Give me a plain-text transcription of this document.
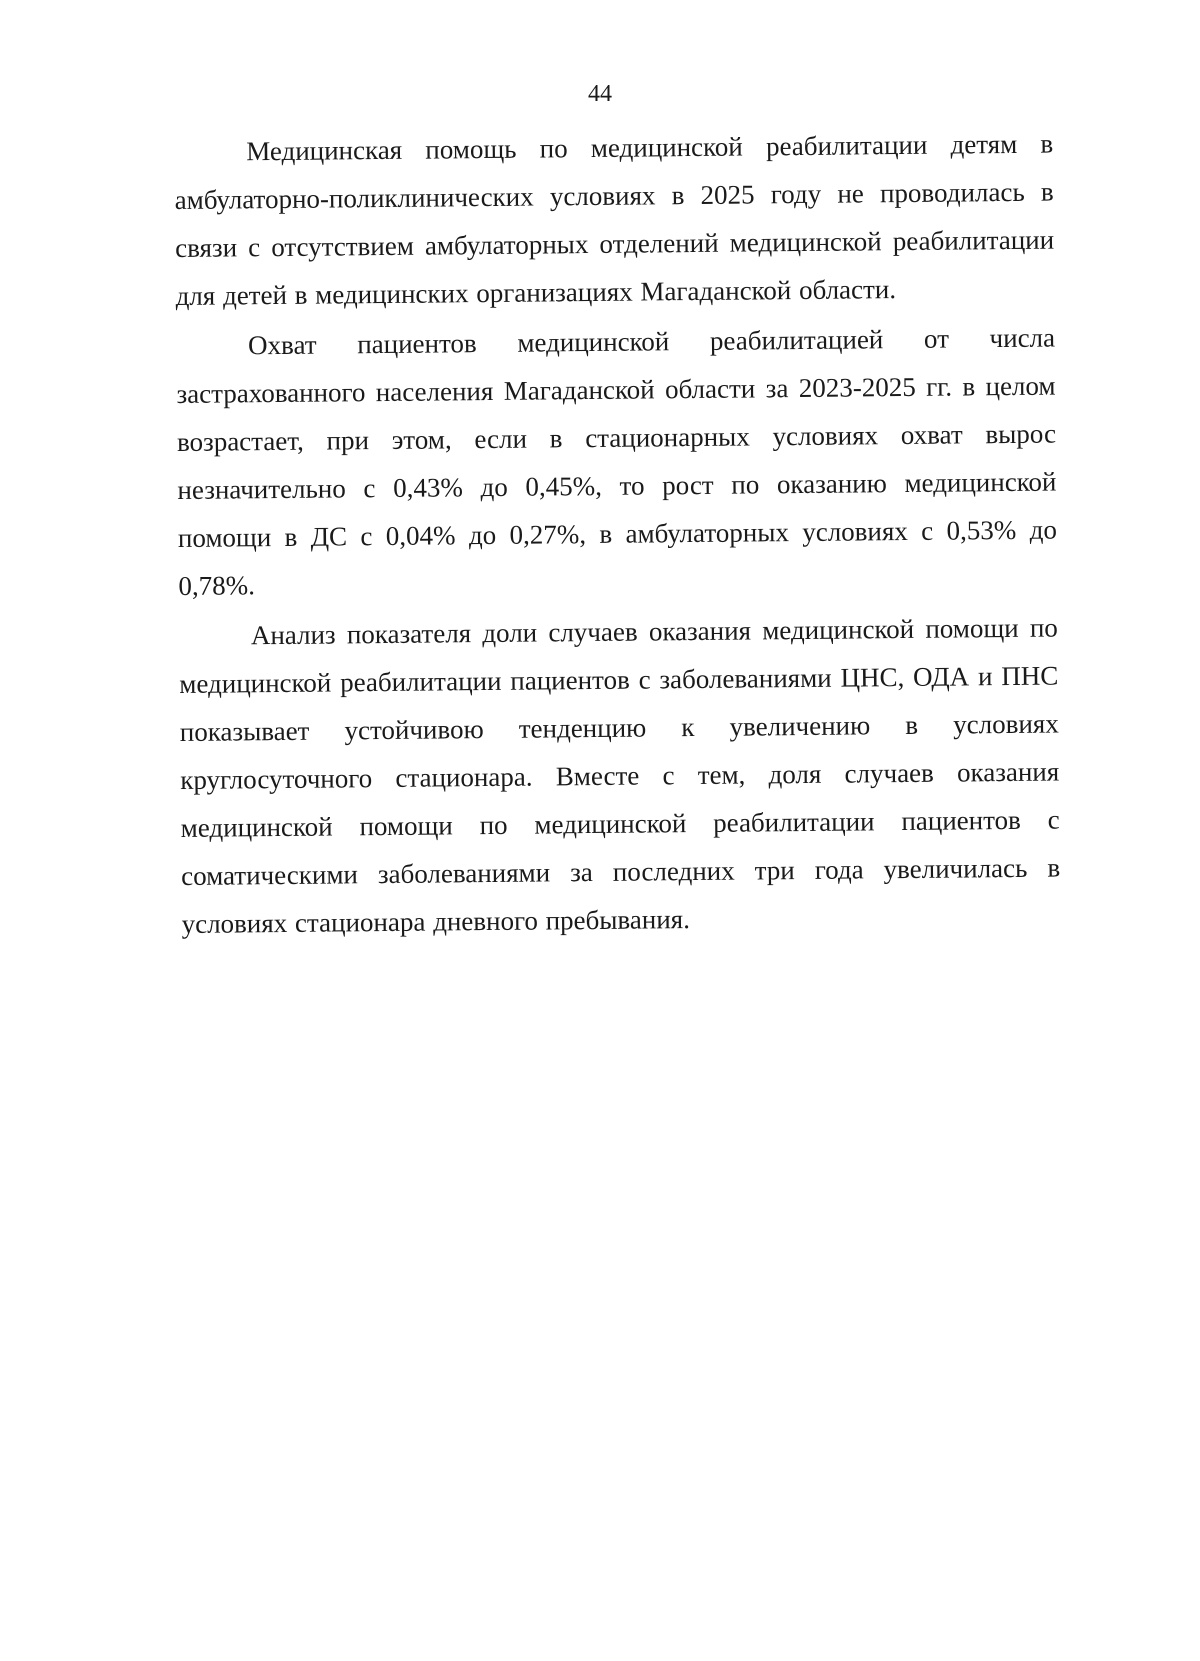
44

Медицинская помощь по медицинской реабилитации детям в амбулаторно-поликлинических условиях в 2025 году не проводилась в связи с отсутствием амбулаторных отделений медицинской реабилитации для детей в медицинских организациях Магаданской области.

Охват пациентов медицинской реабилитацией от числа застрахованного населения Магаданской области за 2023-2025 гг. в целом возрастает, при этом, если в стационарных условиях охват вырос незначительно с 0,43% до 0,45%, то рост по оказанию медицинской помощи в ДС с 0,04% до 0,27%, в амбулаторных условиях с 0,53% до 0,78%.

Анализ показателя доли случаев оказания медицинской помощи по медицинской реабилитации пациентов с заболеваниями ЦНС, ОДА и ПНС показывает устойчивою тенденцию к увеличению в условиях круглосуточного стационара. Вместе с тем, доля случаев оказания медицинской помощи по медицинской реабилитации пациентов с соматическими заболеваниями за последних три года увеличилась в условиях стационара дневного пребывания.
